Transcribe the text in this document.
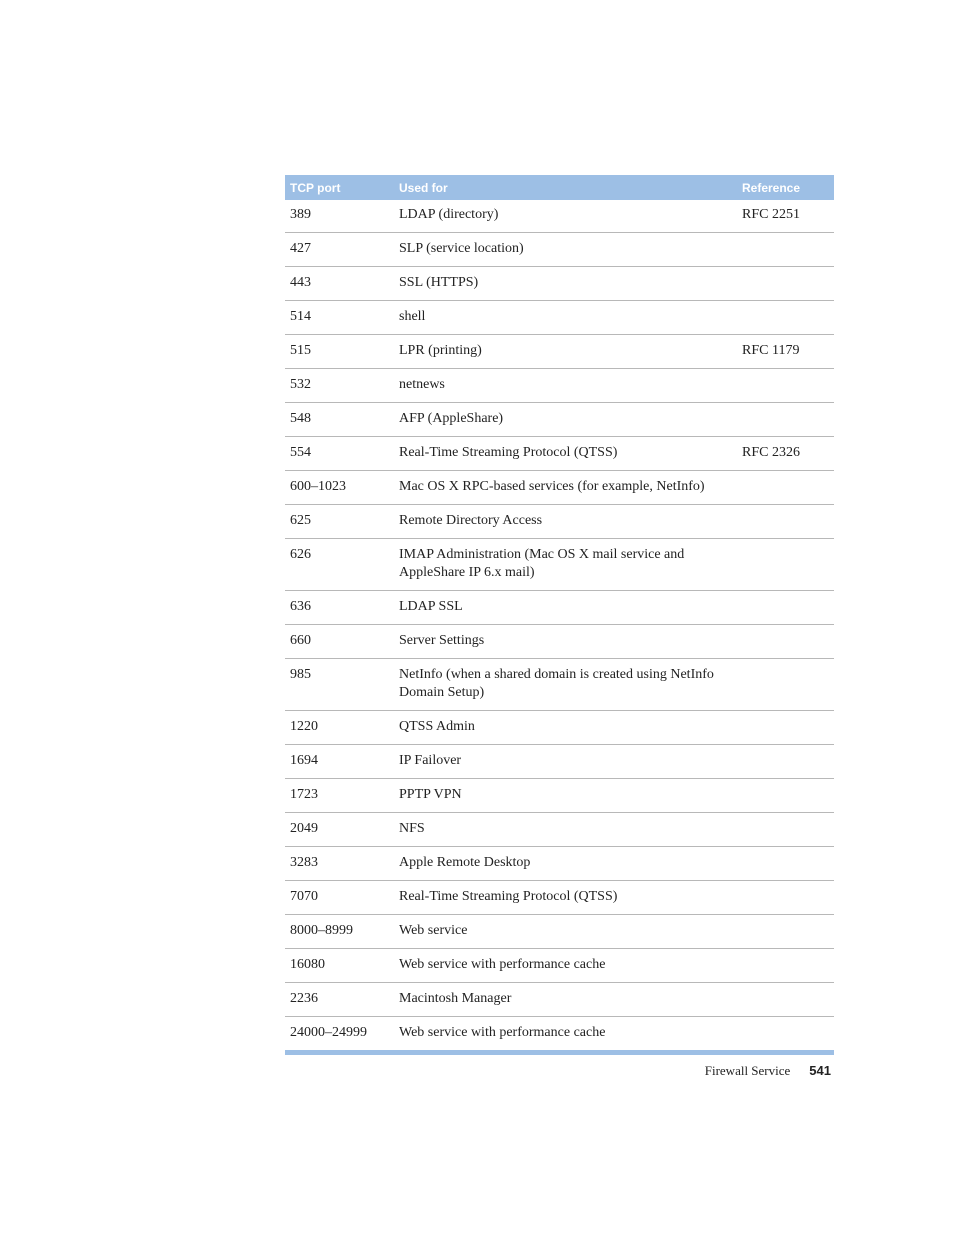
TCP port	Used for	Reference
389	LDAP (directory)	RFC 2251
427	SLP (service location)	
443	SSL (HTTPS)	
514	shell	
515	LPR (printing)	RFC 1179
532	netnews	
548	AFP (AppleShare)	
554	Real-Time Streaming Protocol (QTSS)	RFC 2326
600–1023	Mac OS X RPC-based services (for example, NetInfo)	
625	Remote Directory Access	
626	IMAP Administration (Mac OS X mail service and AppleShare IP 6.x mail)	
636	LDAP SSL	
660	Server Settings	
985	NetInfo (when a shared domain is created using NetInfo Domain Setup)	
1220	QTSS Admin	
1694	IP Failover	
1723	PPTP VPN	
2049	NFS	
3283	Apple Remote Desktop	
7070	Real-Time Streaming Protocol (QTSS)	
8000–8999	Web service	
16080	Web service with performance cache	
2236	Macintosh Manager	
24000–24999	Web service with performance cache	
Firewall Service 541
